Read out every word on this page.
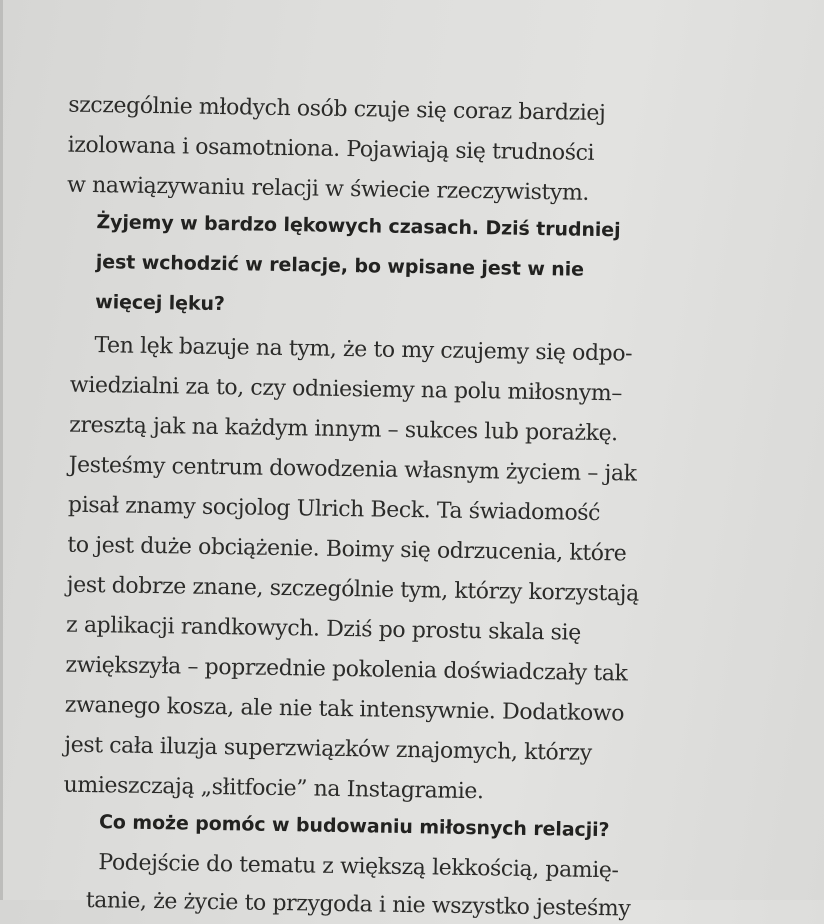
szczególnie młodych osób czuje się coraz bardziej
izolowana i osamotniona. Pojawiają się trudności
w nawiązywaniu relacji w świecie rzeczywistym.
Żyjemy w bardzo lękowych czasach. Dziś trudniej
jest wchodzić w relacje, bo wpisane jest w nie
więcej lęku?
Ten lęk bazuje na tym, że to my czujemy się odpo-
wiedzialni za to, czy odniesiemy na polu miłosnym–
zresztą jak na każdym innym – sukces lub porażkę.
Jesteśmy centrum dowodzenia własnym życiem – jak
pisał znamy socjolog Ulrich Beck. Ta świadomość
to jest duże obciążenie. Boimy się odrzucenia, które
jest dobrze znane, szczególnie tym, którzy korzystają
z aplikacji randkowych. Dziś po prostu skala się
zwiększyła – poprzednie pokolenia doświadczały tak
zwanego kosza, ale nie tak intensywnie. Dodatkowo
jest cała iluzja superzwiązków znajomych, którzy
umieszczają „słitfocie” na Instagramie.
Co może pomóc w budowaniu miłosnych relacji?
Podejście do tematu z większą lekkością, pamię-
tanie, że życie to przygoda i nie wszystko jesteśmy
